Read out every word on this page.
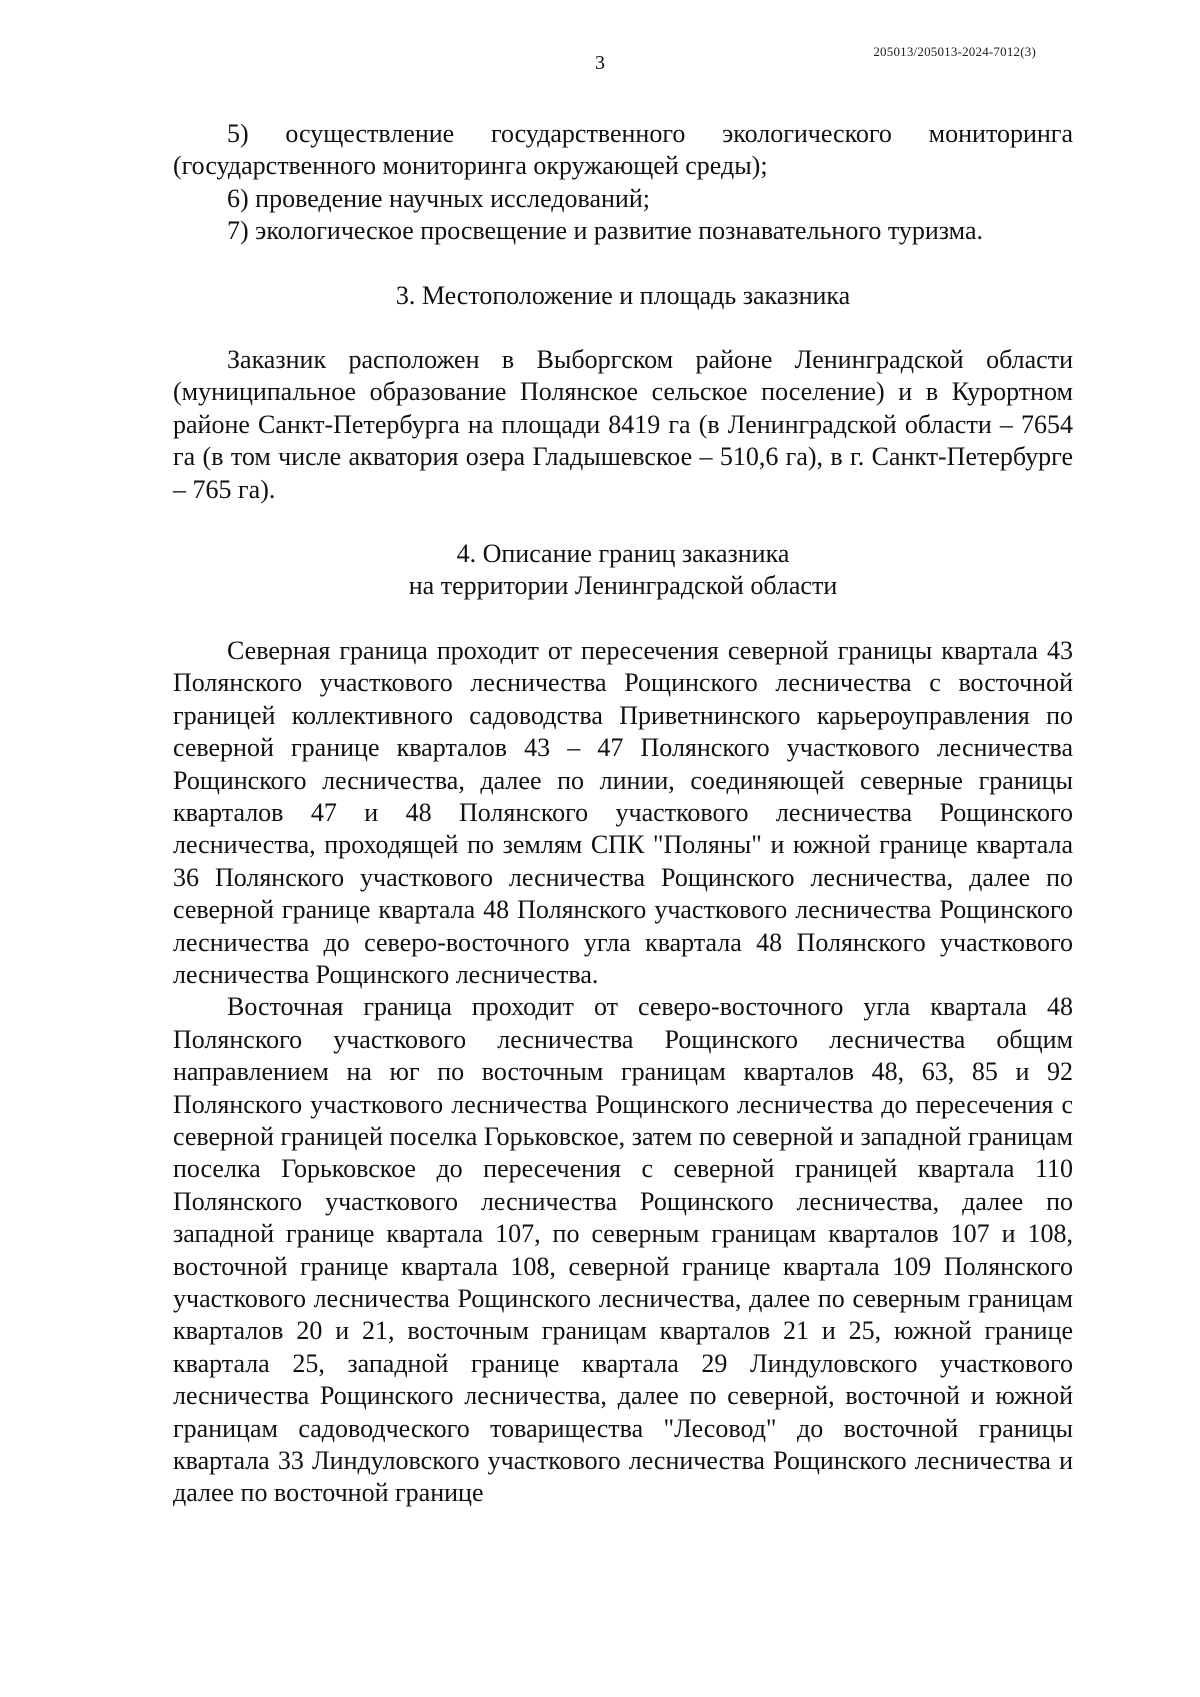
205013/205013-2024-7012(3)
3

5) осуществление государственного экологического мониторинга (государственного мониторинга окружающей среды);

6) проведение научных исследований;

7) экологическое просвещение и развитие познавательного туризма.

3. Местоположение и площадь заказника

Заказник расположен в Выборгском районе Ленинградской области (муниципальное образование Полянское сельское поселение) и в Курортном районе Санкт-Петербурга на площади 8419 га (в Ленинградской области – 7654 га (в том числе акватория озера Гладышевское – 510,6 га), в г. Санкт-Петербурге – 765 га).

4. Описание границ заказника

на территории Ленинградской области

Северная граница проходит от пересечения северной границы квартала 43 Полянского участкового лесничества Рощинского лесничества с восточной границей коллективного садоводства Приветнинского карьероуправления по северной границе кварталов 43 – 47 Полянского участкового лесничества Рощинского лесничества, далее по линии, соединяющей северные границы кварталов 47 и 48 Полянского участкового лесничества Рощинского лесничества, проходящей по землям СПК "Поляны" и южной границе квартала 36 Полянского участкового лесничества Рощинского лесничества, далее по северной границе квартала 48 Полянского участкового лесничества Рощинского лесничества до северо-восточного угла квартала 48 Полянского участкового лесничества Рощинского лесничества.

Восточная граница проходит от северо-восточного угла квартала 48 Полянского участкового лесничества Рощинского лесничества общим направлением на юг по восточным границам кварталов 48, 63, 85 и 92 Полянского участкового лесничества Рощинского лесничества до пересечения с северной границей поселка Горьковское, затем по северной и западной границам поселка Горьковское до пересечения с северной границей квартала 110 Полянского участкового лесничества Рощинского лесничества, далее по западной границе квартала 107, по северным границам кварталов 107 и 108, восточной границе квартала 108, северной границе квартала 109 Полянского участкового лесничества Рощинского лесничества, далее по северным границам кварталов 20 и 21, восточным границам кварталов 21 и 25, южной границе квартала 25, западной границе квартала 29 Линдуловского участкового лесничества Рощинского лесничества, далее по северной, восточной и южной границам садоводческого товарищества "Лесовод" до восточной границы квартала 33 Линдуловского участкового лесничества Рощинского лесничества и далее по восточной границе
